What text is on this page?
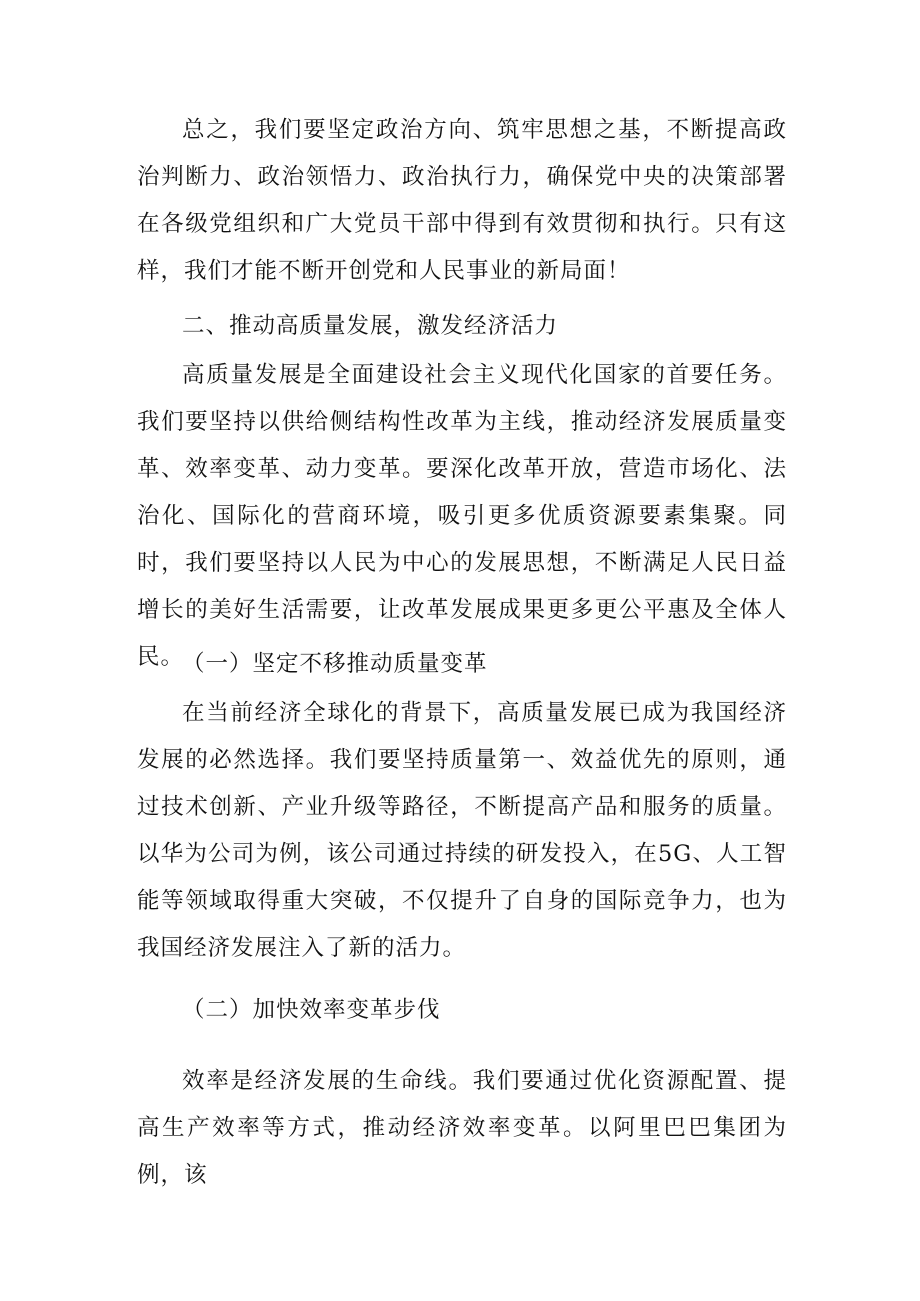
总之，我们要坚定政治方向、筑牢思想之基，不断提高政治判断力、政治领悟力、政治执行力，确保党中央的决策部署在各级党组织和广大党员干部中得到有效贯彻和执行。只有这样，我们才能不断开创党和人民事业的新局面！

二、推动高质量发展，激发经济活力

高质量发展是全面建设社会主义现代化国家的首要任务。我们要坚持以供给侧结构性改革为主线，推动经济发展质量变革、效率变革、动力变革。要深化改革开放，营造市场化、法治化、国际化的营商环境，吸引更多优质资源要素集聚。同时，我们要坚持以人民为中心的发展思想，不断满足人民日益增长的美好生活需要，让改革发展成果更多更公平惠及全体人民。

（一）坚定不移推动质量变革

在当前经济全球化的背景下，高质量发展已成为我国经济发展的必然选择。我们要坚持质量第一、效益优先的原则，通过技术创新、产业升级等路径，不断提高产品和服务的质量。以华为公司为例，该公司通过持续的研发投入，在5G、人工智能等领域取得重大突破，不仅提升了自身的国际竞争力，也为我国经济发展注入了新的活力。

（二）加快效率变革步伐

效率是经济发展的生命线。我们要通过优化资源配置、提高生产效率等方式，推动经济效率变革。以阿里巴巴集团为例，该
